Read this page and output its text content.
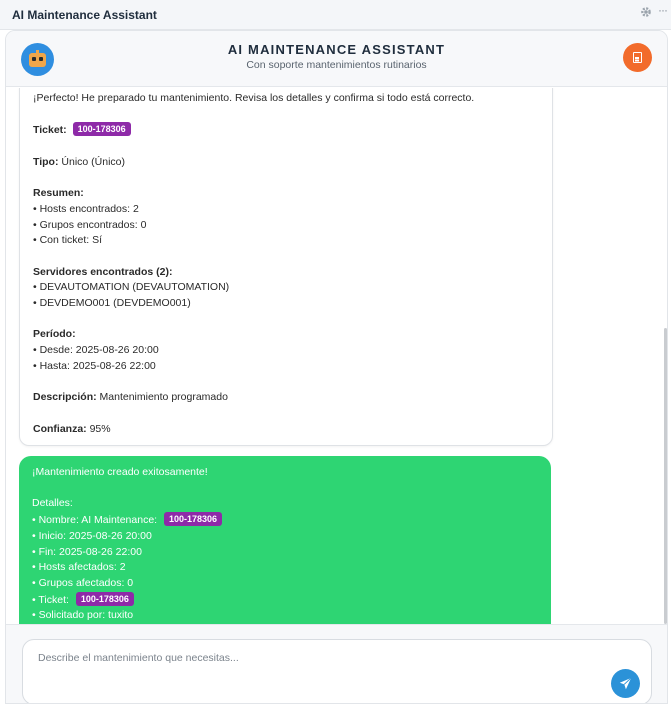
AI Maintenance Assistant	···
AI MAINTENANCE ASSISTANT
Con soporte mantenimientos rutinarios
¡Perfecto! He preparado tu mantenimiento. Revisa los detalles y confirma si todo está correcto.
Ticket: 100-178306
Tipo: Único (Único)
Resumen:
• Hosts encontrados: 2
• Grupos encontrados: 0
• Con ticket: Sí
Servidores encontrados (2):
• DEVAUTOMATION (DEVAUTOMATION)
• DEVDEMO001 (DEVDEMO001)
Período:
• Desde: 2025-08-26 20:00
• Hasta: 2025-08-26 22:00
Descripción: Mantenimiento programado
Confianza: 95%
¡Mantenimiento creado exitosamente!
Detalles:
• Nombre: AI Maintenance: 100-178306
• Inicio: 2025-08-26 20:00
• Fin: 2025-08-26 22:00
• Hosts afectados: 2
• Grupos afectados: 0
• Ticket: 100-178306
• Solicitado por: tuxito
Describe el mantenimiento que necesitas...
